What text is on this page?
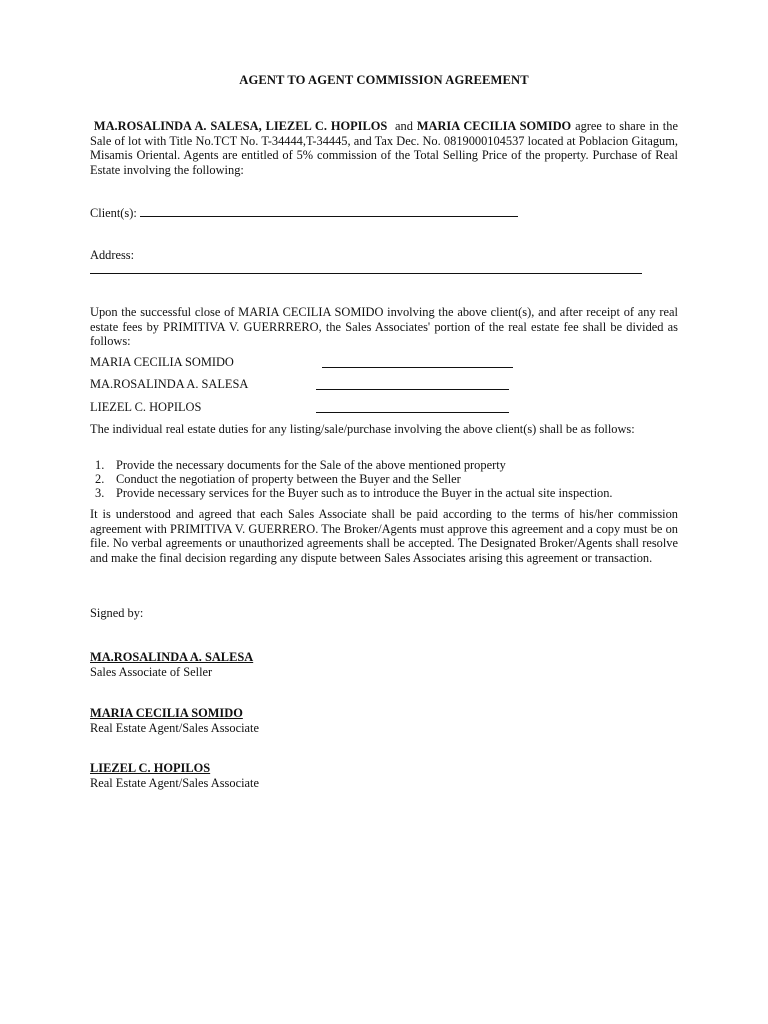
AGENT TO AGENT COMMISSION AGREEMENT

MA.ROSALINDA A. SALESA, LIEZEL C. HOPILOS and MARIA CECILIA SOMIDO agree to share in the Sale of lot with Title No.TCT No. T-34444,T-34445, and Tax Dec. No. 0819000104537 located at Poblacion Gitagum, Misamis Oriental. Agents are entitled of 5% commission of the Total Selling Price of the property. Purchase of Real Estate involving the following:

Client(s):
Address:

Upon the successful close of MARIA CECILIA SOMIDO involving the above client(s), and after receipt of any real estate fees by PRIMITIVA V. GUERRRERO, the Sales Associates' portion of the real estate fee shall be divided as follows:

MARIA CECILIA SOMIDO
MA.ROSALINDA A. SALESA
LIEZEL C. HOPILOS

The individual real estate duties for any listing/sale/purchase involving the above client(s) shall be as follows:

1. Provide the necessary documents for the Sale of the above mentioned property
2. Conduct the negotiation of property between the Buyer and the Seller
3. Provide necessary services for the Buyer such as to introduce the Buyer in the actual site inspection.

It is understood and agreed that each Sales Associate shall be paid according to the terms of his/her commission agreement with PRIMITIVA V. GUERRERO. The Broker/Agents must approve this agreement and a copy must be on file. No verbal agreements or unauthorized agreements shall be accepted. The Designated Broker/Agents shall resolve and make the final decision regarding any dispute between Sales Associates arising this agreement or transaction.

Signed by:
MA.ROSALINDA A. SALESA
Sales Associate of Seller
MARIA CECILIA SOMIDO
Real Estate Agent/Sales Associate
LIEZEL C. HOPILOS
Real Estate Agent/Sales Associate
